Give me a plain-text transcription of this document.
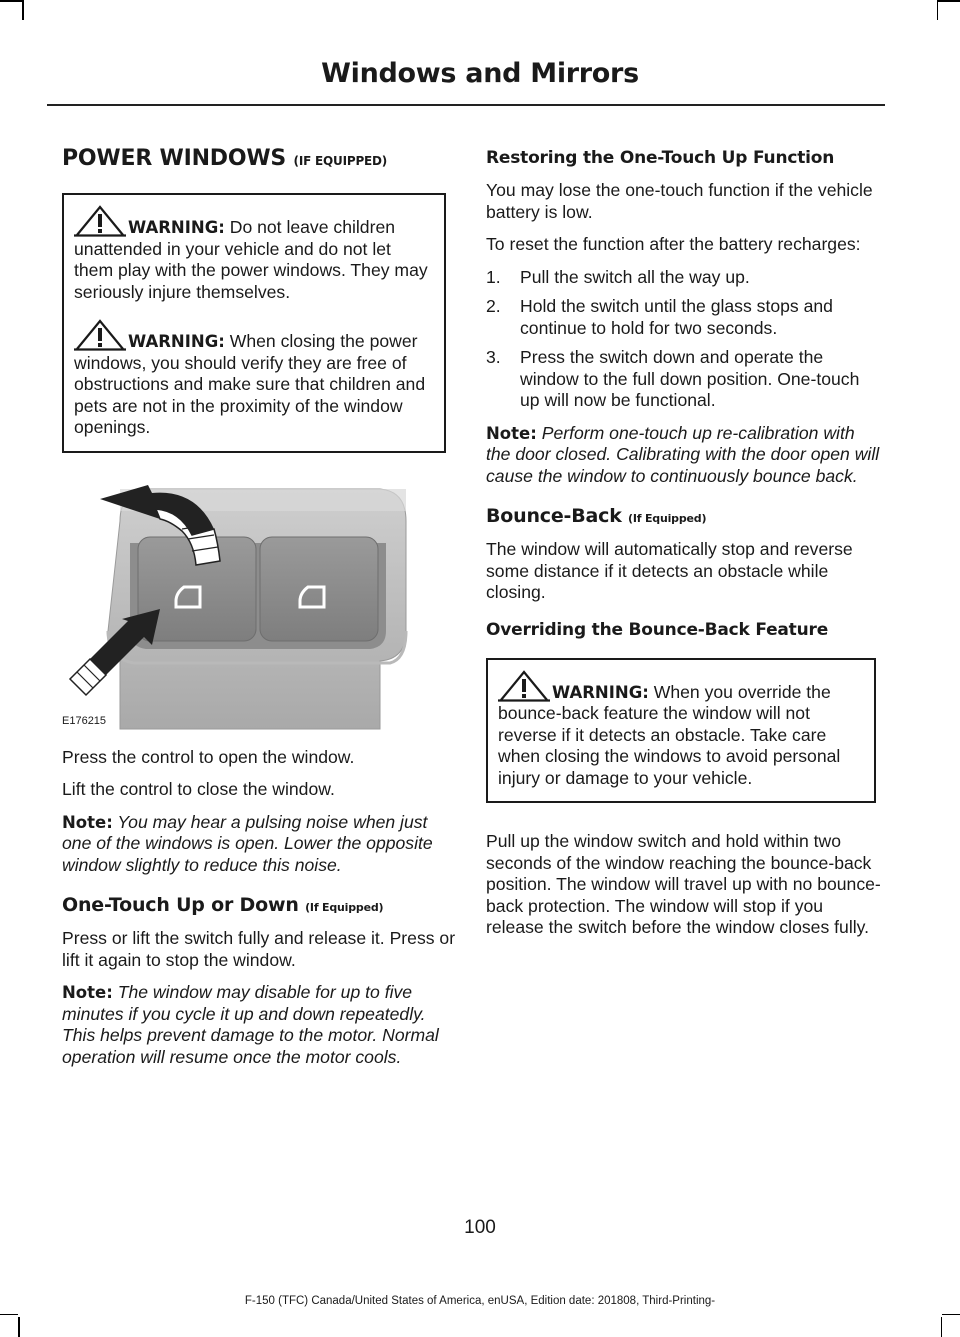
Windows and Mirrors
POWER WINDOWS (IF EQUIPPED)

WARNING: Do not leave children unattended in your vehicle and do not let them play with the power windows. They may seriously injure themselves.

WARNING: When closing the power windows, you should verify they are free of obstructions and make sure that children and pets are not in the proximity of the window openings.

E176215

Press the control to open the window.

Lift the control to close the window.

Note: You may hear a pulsing noise when just one of the windows is open. Lower the opposite window slightly to reduce this noise.

One-Touch Up or Down (If Equipped)

Press or lift the switch fully and release it. Press or lift it again to stop the window.

Note: The window may disable for up to five minutes if you cycle it up and down repeatedly. This helps prevent damage to the motor. Normal operation will resume once the motor cools.

Restoring the One-Touch Up Function

You may lose the one-touch function if the vehicle battery is low.

To reset the function after the battery recharges:

1. Pull the switch all the way up.
2. Hold the switch until the glass stops and continue to hold for two seconds.
3. Press the switch down and operate the window to the full down position. One-touch up will now be functional.

Note: Perform one-touch up re-calibration with the door closed. Calibrating with the door open will cause the window to continuously bounce back.

Bounce-Back (If Equipped)

The window will automatically stop and reverse some distance if it detects an obstacle while closing.

Overriding the Bounce-Back Feature

WARNING: When you override the bounce-back feature the window will not reverse if it detects an obstacle. Take care when closing the windows to avoid personal injury or damage to your vehicle.

Pull up the window switch and hold within two seconds of the window reaching the bounce-back position. The window will travel up with no bounce-back protection. The window will stop if you release the switch before the window closes fully.

100
F-150 (TFC) Canada/United States of America, enUSA, Edition date: 201808, Third-Printing-
